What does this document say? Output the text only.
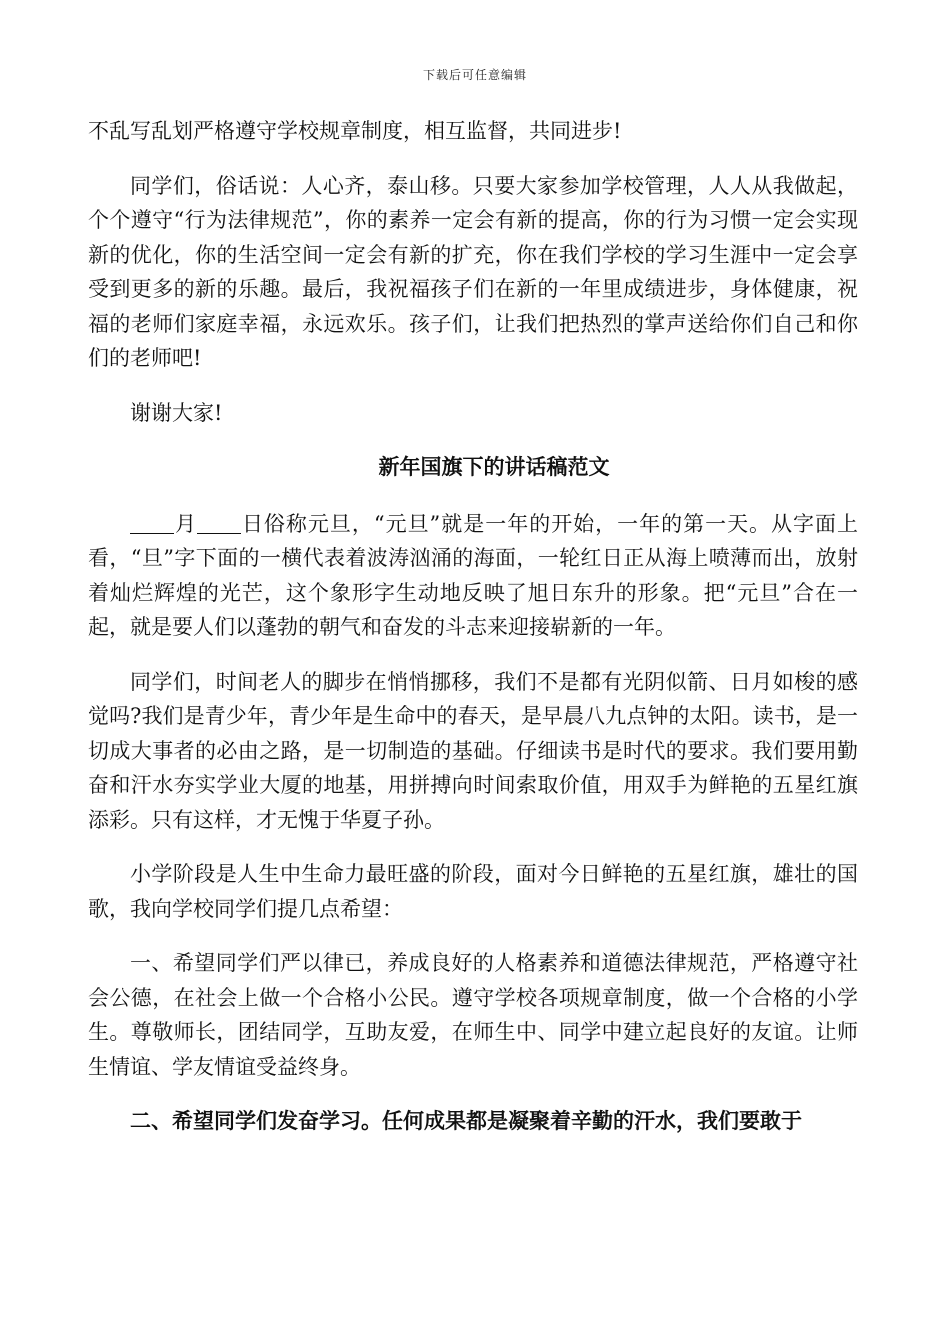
下载后可任意编辑

不乱写乱划严格遵守学校规章制度，相互监督，共同进步!

同学们，俗话说：人心齐，泰山移。只要大家参加学校管理，人人从我做起，个个遵守“行为法律规范”，你的素养一定会有新的提高，你的行为习惯一定会实现新的优化，你的生活空间一定会有新的扩充，你在我们学校的学习生涯中一定会享受到更多的新的乐趣。最后，我祝福孩子们在新的一年里成绩进步，身体健康，祝福的老师们家庭幸福，永远欢乐。孩子们，让我们把热烈的掌声送给你们自己和你们的老师吧!

谢谢大家!

新年国旗下的讲话稿范文

月 日俗称元旦，“元旦”就是一年的开始，一年的第一天。从字面上看，“旦”字下面的一横代表着波涛汹涌的海面，一轮红日正从海上喷薄而出，放射着灿烂辉煌的光芒，这个象形字生动地反映了旭日东升的形象。把“元旦”合在一起，就是要人们以蓬勃的朝气和奋发的斗志来迎接崭新的一年。

同学们，时间老人的脚步在悄悄挪移，我们不是都有光阴似箭、日月如梭的感觉吗?我们是青少年，青少年是生命中的春天，是早晨八九点钟的太阳。读书，是一切成大事者的必由之路，是一切制造的基础。仔细读书是时代的要求。我们要用勤奋和汗水夯实学业大厦的地基，用拼搏向时间索取价值，用双手为鲜艳的五星红旗添彩。只有这样，才无愧于华夏子孙。

小学阶段是人生中生命力最旺盛的阶段，面对今日鲜艳的五星红旗，雄壮的国歌，我向学校同学们提几点希望：

一、希望同学们严以律已，养成良好的人格素养和道德法律规范，严格遵守社会公德，在社会上做一个合格小公民。遵守学校各项规章制度，做一个合格的小学生。尊敬师长，团结同学，互助友爱，在师生中、同学中建立起良好的友谊。让师生情谊、学友情谊受益终身。

二、希望同学们发奋学习。任何成果都是凝聚着辛勤的汗水，我们要敢于
